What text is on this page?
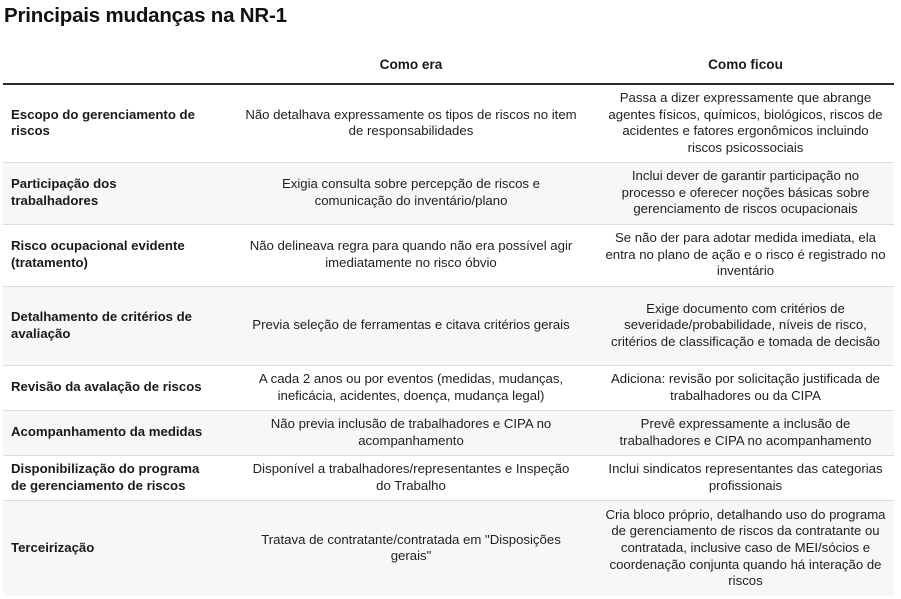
Principais mudanças na NR-1
	Como era	Como ficou
Escopo do gerenciamento de riscos	Não detalhava expressamente os tipos de riscos no item de responsabilidades	Passa a dizer expressamente que abrange agentes físicos, químicos, biológicos, riscos de acidentes e fatores ergonômicos incluindo riscos psicossociais
Participação dos trabalhadores	Exigia consulta sobre percepção de riscos e comunicação do inventário/plano	Inclui dever de garantir participação no processo e oferecer noções básicas sobre gerenciamento de riscos ocupacionais
Risco ocupacional evidente (tratamento)	Não delineava regra para quando não era possível agir imediatamente no risco óbvio	Se não der para adotar medida imediata, ela entra no plano de ação e o risco é registrado no inventário
Detalhamento de critérios de avaliação	Previa seleção de ferramentas e citava critérios gerais	Exige documento com critérios de severidade/probabilidade, níveis de risco, critérios de classificação e tomada de decisão
Revisão da avalação de riscos	A cada 2 anos ou por eventos (medidas, mudanças, ineficácia, acidentes, doença, mudança legal)	Adiciona: revisão por solicitação justificada de trabalhadores ou da CIPA
Acompanhamento da medidas	Não previa inclusão de trabalhadores e CIPA no acompanhamento	Prevê expressamente a inclusão de trabalhadores e CIPA no acompanhamento
Disponibilização do programa de gerenciamento de riscos	Disponível a trabalhadores/representantes e Inspeção do Trabalho	Inclui sindicatos representantes das categorias profissionais
Terceirização	Tratava de contratante/contratada em "Disposições gerais"	Cria bloco próprio, detalhando uso do programa de gerenciamento de riscos da contratante ou contratada, inclusive caso de MEI/sócios e coordenação conjunta quando há interação de riscos
